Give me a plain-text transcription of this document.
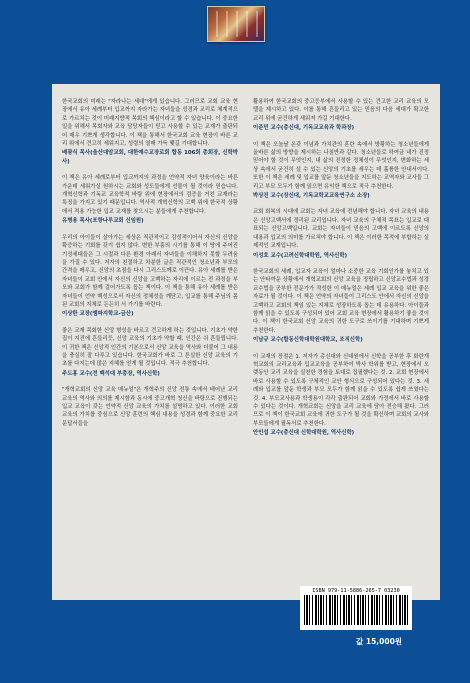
한국교회의 미래는 "자라나는 세대"에게 있습니다. 그러므로 교회 교육 현장에서 유아 세례부터 입교까지 자라가는 자녀들을 성경과 교리로 체계적으로 가르치는 것이 미래지향적 목회의 핵심이라고 할 수 있습니다. 이 중요한 일을 위해서 목회자와 교육 담당자들이 믿고 사용할 수 있는 교재가 출판되어 매우 기쁘게 생각합니다. 이 책을 통해서 한국교회 교육 현장이 바른 교리 위에서 견고히 세워지고, 성령의 열매 가득 맺길 기대합니다.

배광식 목사(울산대암교회, 대한예수교장로회 합동 106회 총회장, 신학박사)

이 책은 유아 세례로부터 입교까지의 과정을 언약적 자녀 양육이라는 바른 가운데 세워가실 원하시는 교회와 성도들에게 선물이 될 것이라 믿습니다. 개혁신학과 기독교 교육학적 바탕 위에 현장에서의 검증을 거친 교재라는 특징을 가지고 있기 때문입니다. 역사적 개혁신학의 고백 위에 한국적 상황에서 적용 가능한 입교 교재를 찾으시는 분들에게 추천합니다.

유병용 목사(포항나루교회 신임원)

우리의 아이들이 살아가는 세상은 직관적이고 감성적이어서 자신의 신앙을 확증하는 기회를 갖기 쉽지 않다. 변한 부흥의 시기를 통해 이 땅에 주어진 기성세대들은 그 시절과 다른 환경 아래서 자녀들을 이해하지 못할 두려움을 가질 수 있다. 저자의 친절하고 차분한 글은 직관적인 청소년과 부모의 간격을 메우고, 신앙의 초점을 다시 그리스도께로 이끈다. 유아 세례를 받은 자녀들이 교회 안에서 자신의 신앙을 고백하는 자리에 이르는 전 과정을 부모와 교회가 함께 걸어가도록 돕는 책이다. 이 책을 통해 유아 세례를 받은 자녀들이 언약 백성으로서 자신의 정체성을 깨닫고, 입교를 통해 주님의 몸 된 교회의 지체로 든든히 서 가기를 바란다.

이상한 교장(엠파지학교-금산)

좋은 교재 목회한 신앙 형성을 바르고 견고하게 하는 것입니다. 기초가 약한 집이 지진에 흔들리듯, 신앙 교육의 기초가 약할 때, 인간은 쉬 흔들립니다. 이 귀한 책은 신앙적 인간의 기본으로서 신앙 교육을 역사와 더불어 그 내용을 충실히 잘 다루고 있습니다. 한국교회가 바로 그 튼실한 신앙 교육의 기초를 다지는데 많은 지혜를 얻게 될 것입니다. 적극 추천합니다.

주도홍 교수(전 백석대 부총장, 역사신학)

"개혁교회의 신앙 교육 매뉴얼"은 개혁주의 신앙 전통 속에서 태어난 교리 교육의 역사와 의의를 제시함과 동시에 중고개혁 청신을 바탕으로 진행되는 입교 교육이 갖는 언약적 신앙 교육의 가치를 설명하고 있다. 이러한 교회 교육의 가치를 중심으로 신앙 훈련의 핵심 내용을 성경과 함께 중요한 교리문답서들을

활용하여 한국교회의 중고등부에서 사용할 수 있는 견고한 교리 교육의 모델을 제시하고 있다. 이를 통해 흔들리고 있는 믿음의 다음 세대가 확고한 교리 위에 굳건하게 세워져 가길 기대한다.

이준민 교수(총신대, 기독교교육과 학과장)

이 책은 오늘날 온갖 이념과 가치관의 혼란 속에서 방황하는 청소년들에게 올바른 삶의 방향을 제시하는 나침반과 같다. 청소년들로 하여금 내가 진정 믿어야 할 것이 무엇인지, 내 삶의 진정한 정체성이 무엇인지, 변화하는 세상 속에서 굳건히 설 수 있는 신앙의 기초를 세우는 데 훌륭한 안내서이다. 또한 이 책은 세례 및 입교를 앞둔 청소년들을 지도하는 교역자와 교사들 그리고 부모 모두가 함께 읽으면 유익한 책으로 적극 추천한다.

박상진 교수(장신대, 기독교학교교육연구소 소장)

교회 회복의 시대에 교회는 자녀 교육에 전념해야 합니다. 자녀 교육의 내용은 신앙고백서에 정리된 교리입니다. 자녀 교육의 구체적 목표는 입교로 대표되는 신앙고백입니다. 교회는 자녀들이 믿음의 고백에 이르도록 신앙의 내용과 입교의 의미를 가르쳐야 합니다. 이 책은 이러한 목적에 부합하는 실제적인 교재입니다.

이성호 교수(고려신학대학원, 역사신학)

한국교회의 세례, 입교자 교육이 얼마나 소중한 교육 기회인가를 놓치고 있는 안타까운 상황에서 개혁교회의 신앙 교육을 정립하고 신앙교수법과 성경교수법을 공부한 전문가가 작성한 이 매뉴얼은 세례 입교 교육을 위한 좋은 자료가 될 것이다. 이 책은 언약의 자녀들이 그리스도 안에서 자신의 신앙을 고백하고 교회의 책임 있는 지체로 성장하도록 돕는 데 유용하다. 아이들과 함께 읽을 수 있도록 구성되어 있어 교회 교육 현장에서 활용하기 좋을 것이다. 이 책이 한국교회 신앙 교육의 귀한 도구로 쓰이기를 기대하며 기쁘게 추천한다.

이남규 교수(합동신학대학원대학교, 조직신학)

이 교재의 장점은 1. 저자가 총신대와 신대원에서 신학을 공부한 후 화란개혁교회의 교리교육과 입교교육을 공부하여 박사 학위를 받고, 현장에서 오랫동안 교리 교육을 실천한 경험을 토대로 집필했다는 것. 2. 교회 현장에서 바로 사용할 수 있도록 구체적인 교안 형식으로 구성되어 있다는 것. 3. 세례와 입교를 앞둔 학생과 부모 모두가 함께 읽을 수 있도록 쉽게 쓰였다는 것. 4. 부모교사용과 학생용이 각각 출판되어 교회와 가정에서 바로 사용할 수 있다는 것이다. 개혁교회는 신앙을 교리 교육에 담아 전승해 왔다. 그러므로 이 책이 한국교회 교육에 귀한 도구가 될 것을 확신하며 교회의 교사와 부모들에게 필독서로 추천한다.

안인섭 교수(총신대 신학대학원, 역사신학)

ISBN 979-11-5886-265-7 03230
값 15,000원
